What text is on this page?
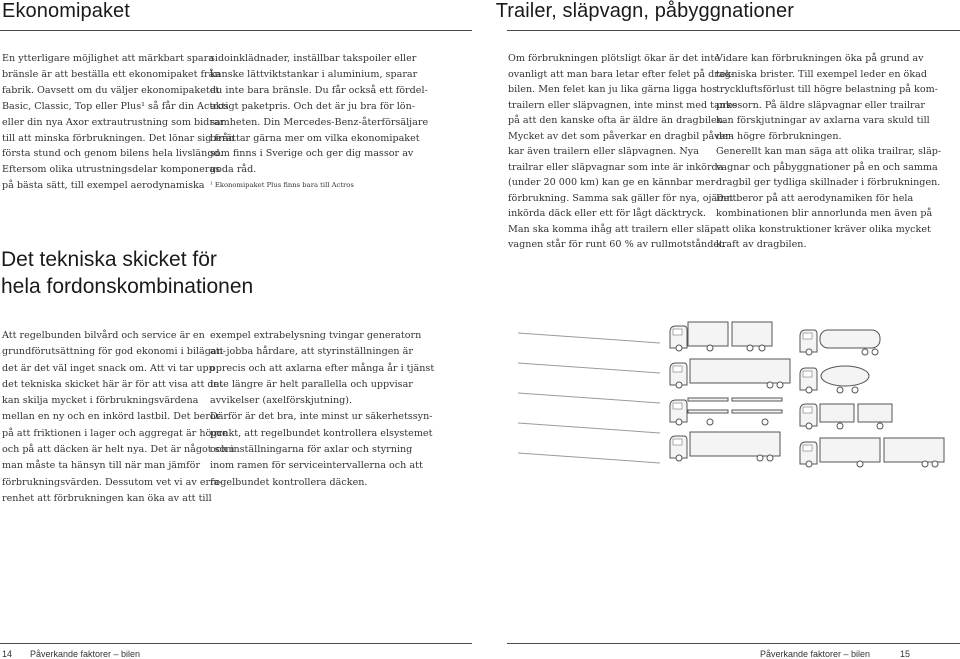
Ekonomipaket
En ytterligare möjlighet att märkbart spara
bränsle är att beställa ett ekonomipaket från
fabrik. Oavsett om du väljer ekonomipaketet
Basic, Classic, Top eller Plus¹ så får din Actros
eller din nya Axor extrautrustning som bidrar
till att minska förbrukningen. Det lönar sig från
första stund och genom bilens hela livslängd.
Eftersom olika utrustningsdelar komponeras
på bästa sätt, till exempel aerodynamiska
sidoinklädnader, inställbar takspoiler eller
kanske lättviktstankar i aluminium, sparar
du inte bara bränsle. Du får också ett fördel-
aktigt paketpris. Och det är ju bra för lön-
samheten. Din Mercedes-Benz-återförsäljare
berättar gärna mer om vilka ekonomipaket
som finns i Sverige och ger dig massor av
goda råd.
¹ Ekonomipaket Plus finns bara till Actros
Det tekniska skicket för
hela fordonskombinationen
Att regelbunden bilvård och service är en
grundförutsättning för god ekonomi i bilägan-
det är det väl inget snack om. Att vi tar upp
det tekniska skicket här är för att visa att det
kan skilja mycket i förbrukningsvärdena
mellan en ny och en inkörd lastbil. Det beror
på att friktionen i lager och aggregat är högre
och på att däcken är helt nya. Det är något som
man måste ta hänsyn till när man jämför
förbrukningsvärden. Dessutom vet vi av erfa-
renhet att förbrukningen kan öka av att till
exempel extrabelysning tvingar generatorn
att jobba hårdare, att styrinställningen är
oprecis och att axlarna efter många år i tjänst
inte längre är helt parallella och uppvisar
avvikelser (axelförskjutning).
Därför är det bra, inte minst ur säkerhetssyn-
punkt, att regelbundet kontrollera elsystemet
och inställningarna för axlar och styrning
inom ramen för serviceintervallerna och att
regelbundet kontrollera däcken.
14 Påverkande faktorer – bilen
Trailer, släpvagn, påbyggnationer
Om förbrukningen plötsligt ökar är det inte
ovanligt att man bara letar efter felet på drag-
bilen. Men felet kan ju lika gärna ligga hos
trailern eller släpvagnen, inte minst med tanke
på att den kanske ofta är äldre än dragbilen.
Mycket av det som påverkar en dragbil påver-
kar även trailern eller släpvagnen. Nya
trailrar eller släpvagnar som inte är inkörda
(under 20 000 km) kan ge en kännbar mer-
förbrukning. Samma sak gäller för nya, ojämnt
inkörda däck eller ett för lågt däcktryck.
Man ska komma ihåg att trailern eller släp-
vagnen står för runt 60 % av rullmotståndet.
Vidare kan förbrukningen öka på grund av
tekniska brister. Till exempel leder en ökad
tryckluftsförlust till högre belastning på kom-
pressorn. På äldre släpvagnar eller trailrar
kan förskjutningar av axlarna vara skuld till
den högre förbrukningen.
Generellt kan man säga att olika trailrar, släp-
vagnar och påbyggnationer på en och samma
dragbil ger tydliga skillnader i förbrukningen.
Det beror på att aerodynamiken för hela
kombinationen blir annorlunda men även på
att olika konstruktioner kräver olika mycket
kraft av dragbilen.
Påverkande faktorer – bilen	15
